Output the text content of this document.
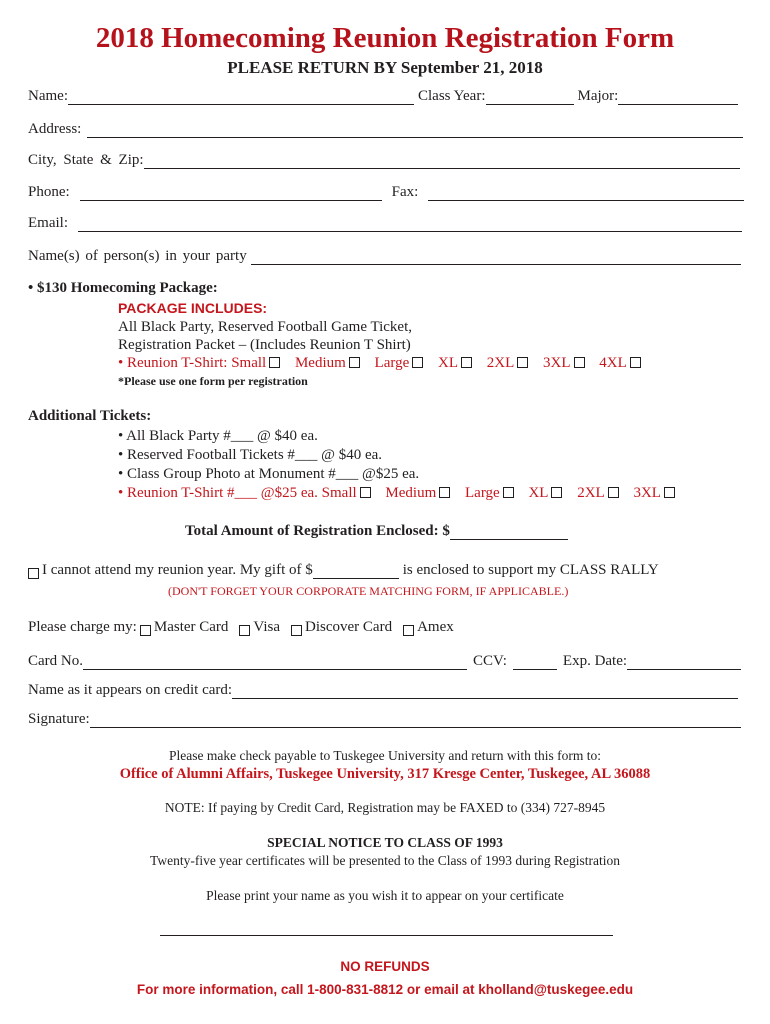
2018 Homecoming Reunion Registration Form
PLEASE RETURN BY September 21, 2018
Name:	Class Year:	Major:
Address:
City, State & Zip:
Phone:	Fax:
Email:
Name(s) of person(s) in your party
• $130 Homecoming Package:
PACKAGE INCLUDES:
All Black Party, Reserved Football Game Ticket,
Registration Packet – (Includes Reunion T Shirt)
• Reunion T-Shirt: Small Medium Large XL 2XL 3XL 4XL
*Please use one form per registration
Additional Tickets:
• All Black Party #___ @ $40 ea.
• Reserved Football Tickets #___ @ $40 ea.
• Class Group Photo at Monument #___ @$25 ea.
• Reunion T-Shirt #___ @$25 ea. Small Medium Large XL 2XL 3XL
Total Amount of Registration Enclosed: $
I cannot attend my reunion year. My gift of $	is enclosed to support my CLASS RALLY
(DON'T FORGET YOUR CORPORATE MATCHING FORM, IF APPLICABLE.)
Please charge my: Master Card Visa Discover Card Amex
Card No.	CCV:	Exp. Date:
Name as it appears on credit card:
Signature:
Please make check payable to Tuskegee University and return with this form to:
Office of Alumni Affairs, Tuskegee University, 317 Kresge Center, Tuskegee, AL 36088
NOTE: If paying by Credit Card, Registration may be FAXED to (334) 727-8945
SPECIAL NOTICE TO CLASS OF 1993
Twenty-five year certificates will be presented to the Class of 1993 during Registration
Please print your name as you wish it to appear on your certificate
NO REFUNDS
For more information, call 1-800-831-8812 or email at kholland@tuskegee.edu
